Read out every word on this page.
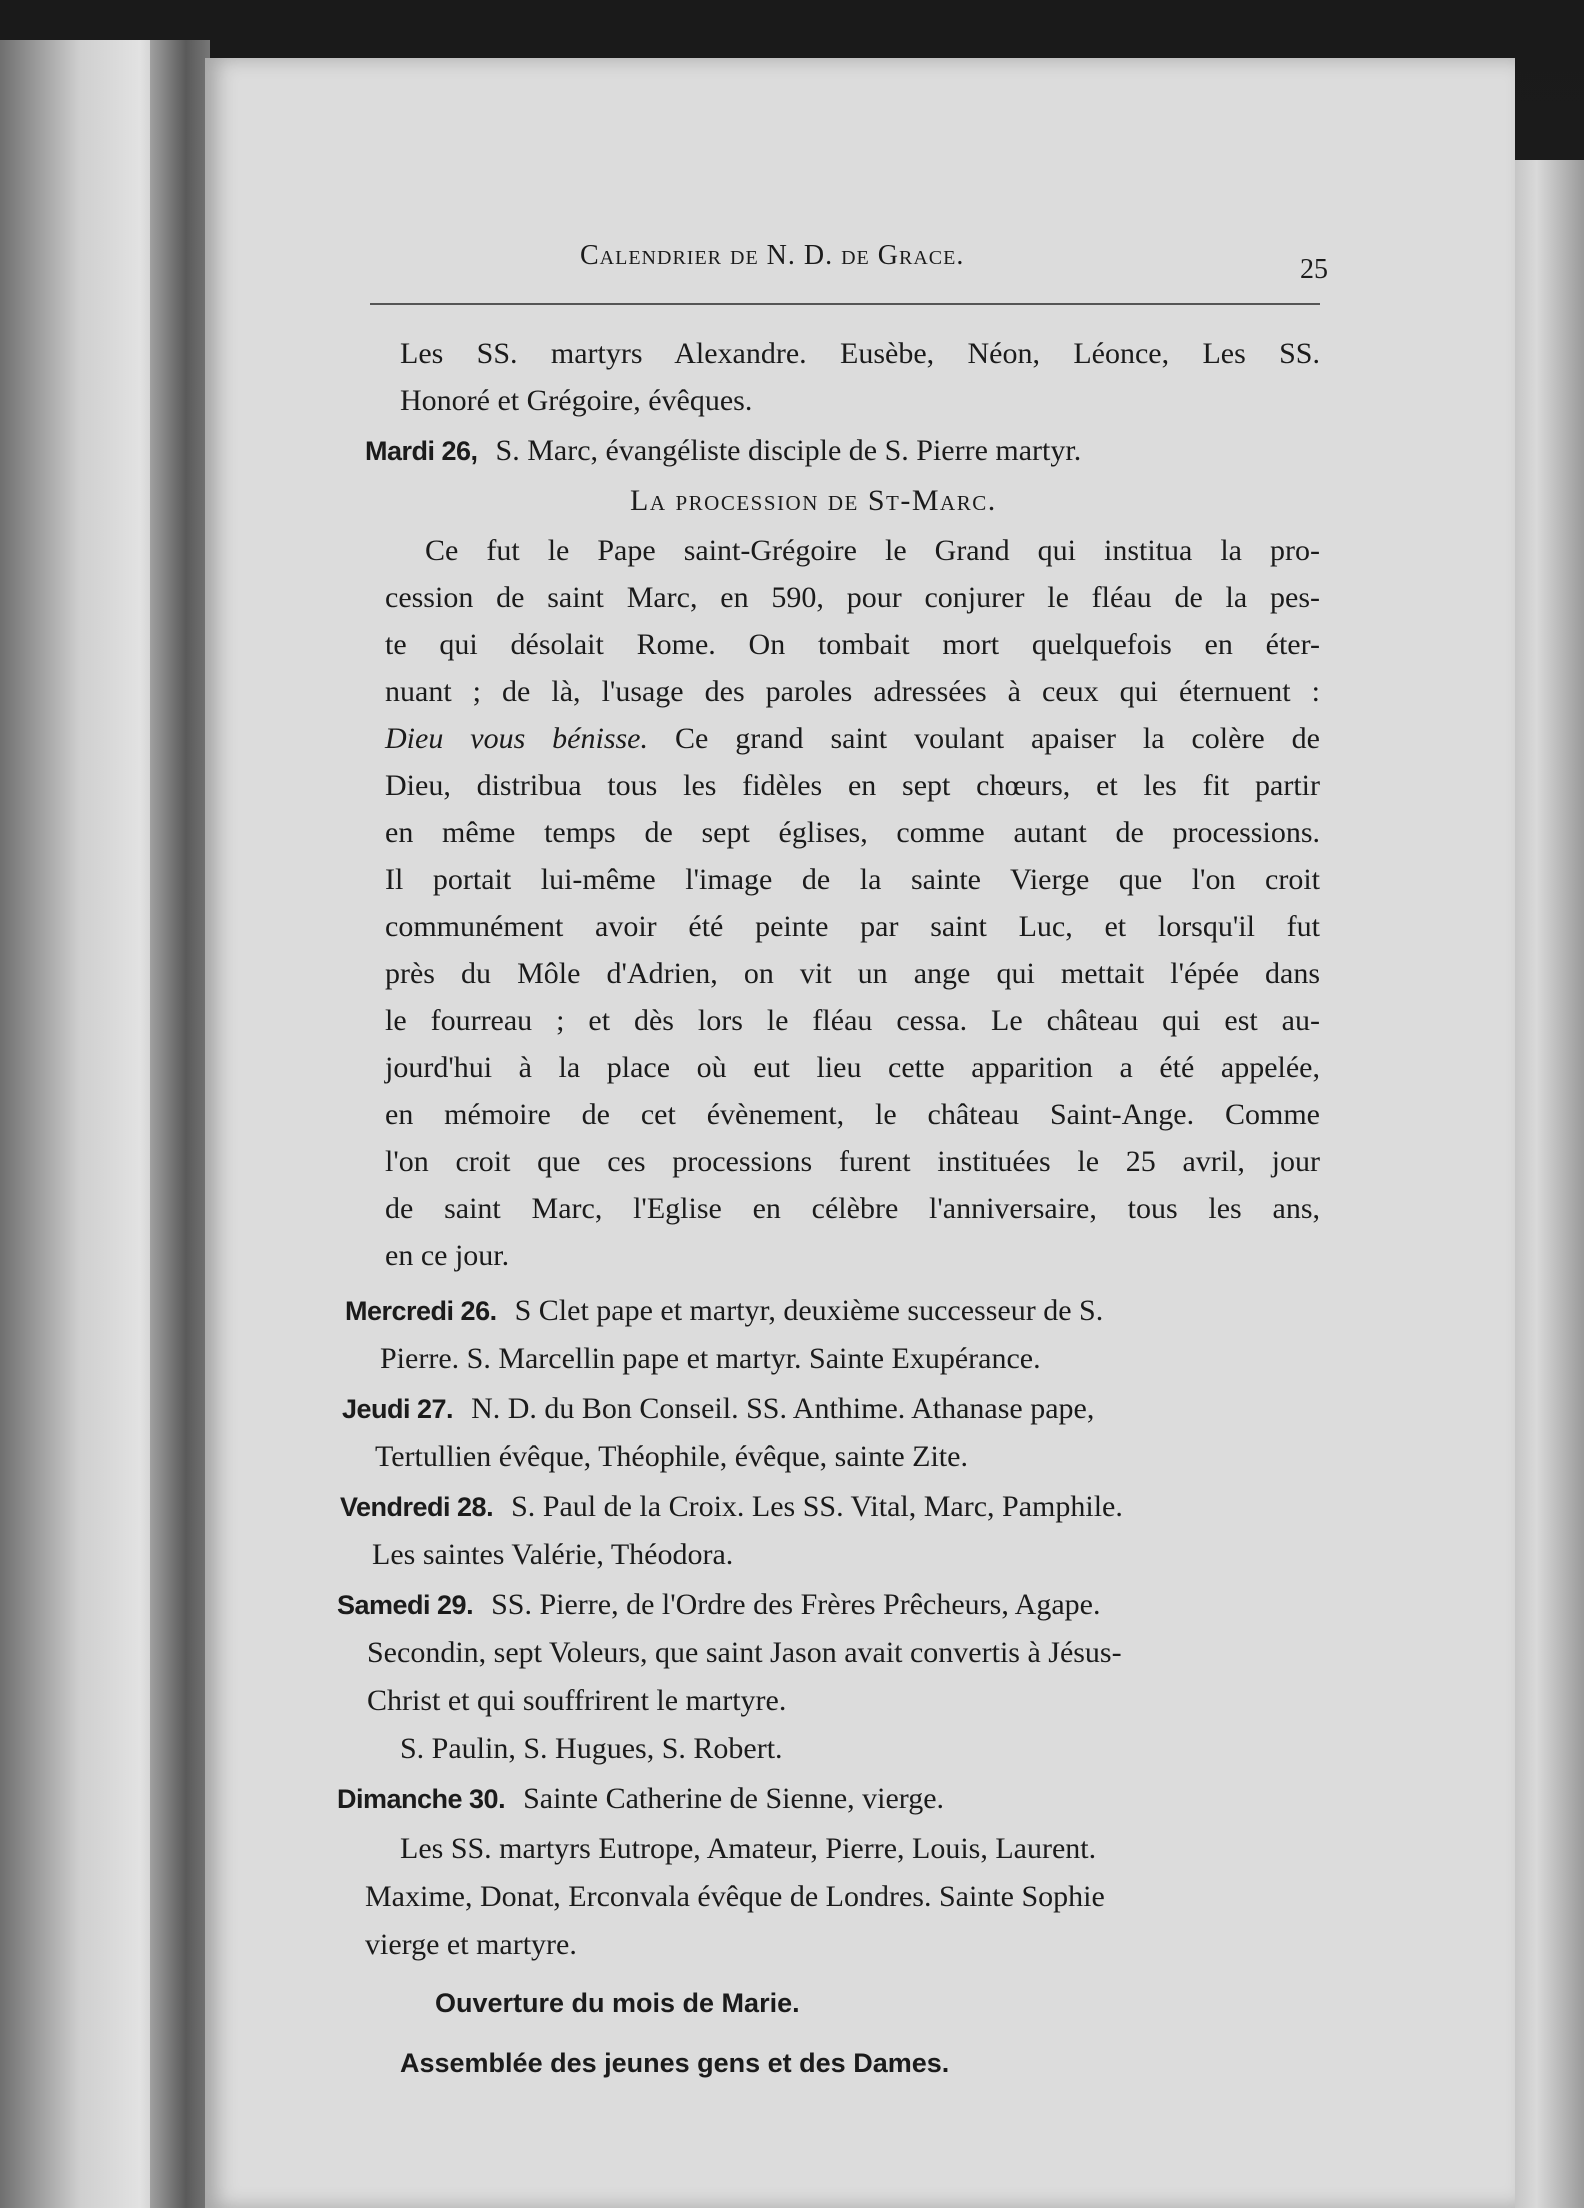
Calendrier de N. D. de Grace.	25
Les SS. martyrs Alexandre. Eusèbe, Néon, Léonce, Les SS.
Honoré et Grégoire, évêques.
Mardi 26, S. Marc, évangéliste disciple de S. Pierre martyr.
La procession de St-Marc.
Ce fut le Pape saint-Grégoire le Grand qui institua la pro-
cession de saint Marc, en 590, pour conjurer le fléau de la pes-
te qui désolait Rome. On tombait mort quelquefois en éter-
nuant ; de là, l'usage des paroles adressées à ceux qui éternuent :
Dieu vous bénisse. Ce grand saint voulant apaiser la colère de
Dieu, distribua tous les fidèles en sept chœurs, et les fit partir
en même temps de sept églises, comme autant de processions.
Il portait lui-même l'image de la sainte Vierge que l'on croit
communément avoir été peinte par saint Luc, et lorsqu'il fut
près du Môle d'Adrien, on vit un ange qui mettait l'épée dans
le fourreau ; et dès lors le fléau cessa. Le château qui est au-
jourd'hui à la place où eut lieu cette apparition a été appelée,
en mémoire de cet évènement, le château Saint-Ange. Comme
l'on croit que ces processions furent instituées le 25 avril, jour
de saint Marc, l'Eglise en célèbre l'anniversaire, tous les ans,
en ce jour.
Mercredi 26. S Clet pape et martyr, deuxième successeur de S.
Pierre. S. Marcellin pape et martyr. Sainte Exupérance.
Jeudi 27. N. D. du Bon Conseil. SS. Anthime. Athanase pape,
Tertullien évêque, Théophile, évêque, sainte Zite.
Vendredi 28. S. Paul de la Croix. Les SS. Vital, Marc, Pamphile.
Les saintes Valérie, Théodora.
Samedi 29. SS. Pierre, de l'Ordre des Frères Prêcheurs, Agape.
Secondin, sept Voleurs, que saint Jason avait convertis à Jésus-
Christ et qui souffrirent le martyre.
S. Paulin, S. Hugues, S. Robert.
Dimanche 30. Sainte Catherine de Sienne, vierge.
Les SS. martyrs Eutrope, Amateur, Pierre, Louis, Laurent.
Maxime, Donat, Erconvala évêque de Londres. Sainte Sophie
vierge et martyre.
Ouverture du mois de Marie.
Assemblée des jeunes gens et des Dames.
